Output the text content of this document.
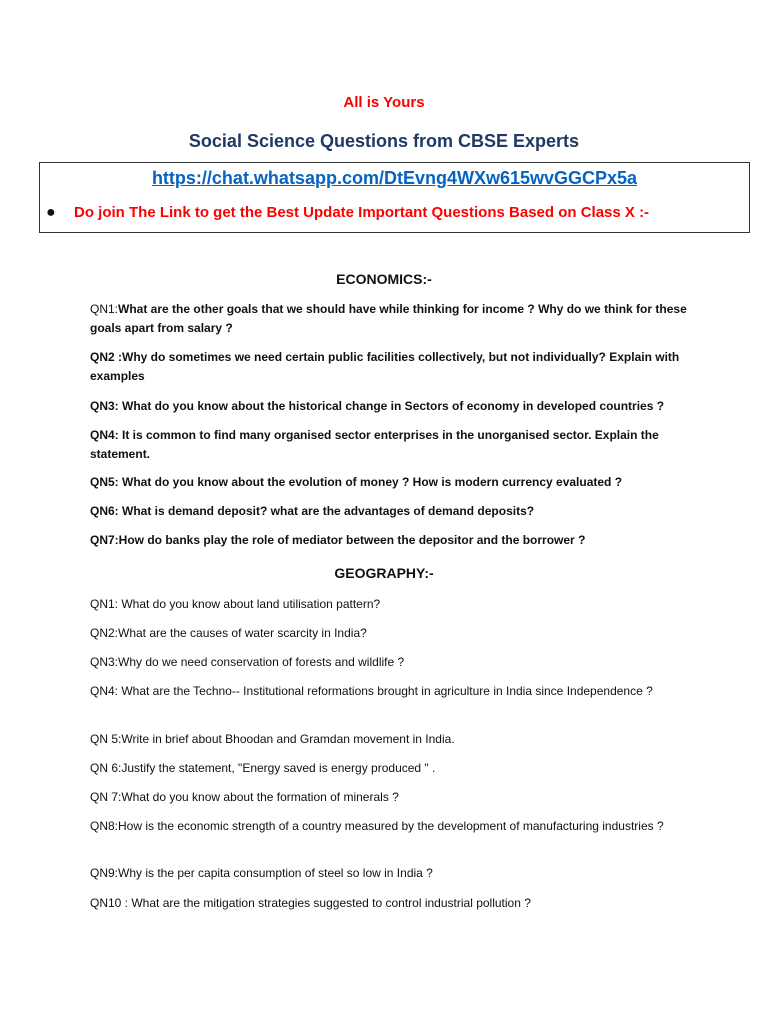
All is Yours
Social Science Questions from CBSE Experts
https://chat.whatsapp.com/DtEvng4WXw615wvGGCPx5a
● Do join The Link to get the Best Update Important Questions Based on Class X :-
ECONOMICS:-
QN1:What are the other goals that we should have while thinking for income ? Why do we think for these goals apart from salary ?
QN2 :Why do sometimes we need certain public facilities collectively, but not individually? Explain with examples
QN3: What do you know about the historical change in Sectors of economy in developed countries ?
QN4: It is common to find many organised sector enterprises in the unorganised sector. Explain the statement.
QN5: What do you know about the evolution of money ? How is modern currency evaluated ?
QN6: What is demand deposit? what are the advantages of demand deposits?
QN7:How do banks play the role of mediator between the depositor and the borrower ?
GEOGRAPHY:-
QN1: What do you know about land utilisation pattern?
QN2:What are the causes of water scarcity in India?
QN3:Why do we need conservation of forests and wildlife ?
QN4: What are the Techno-- Institutional reformations brought in agriculture in India since Independence ?
QN 5:Write in brief about Bhoodan and Gramdan movement in India.
QN 6:Justify the statement, "Energy saved is energy produced " .
QN 7:What do you know about the formation of minerals ?
QN8:How is the economic strength of a country measured by the development of manufacturing industries ?
QN9:Why is the per capita consumption of steel so low in India ?
QN10 : What are the mitigation strategies suggested to control industrial pollution ?
